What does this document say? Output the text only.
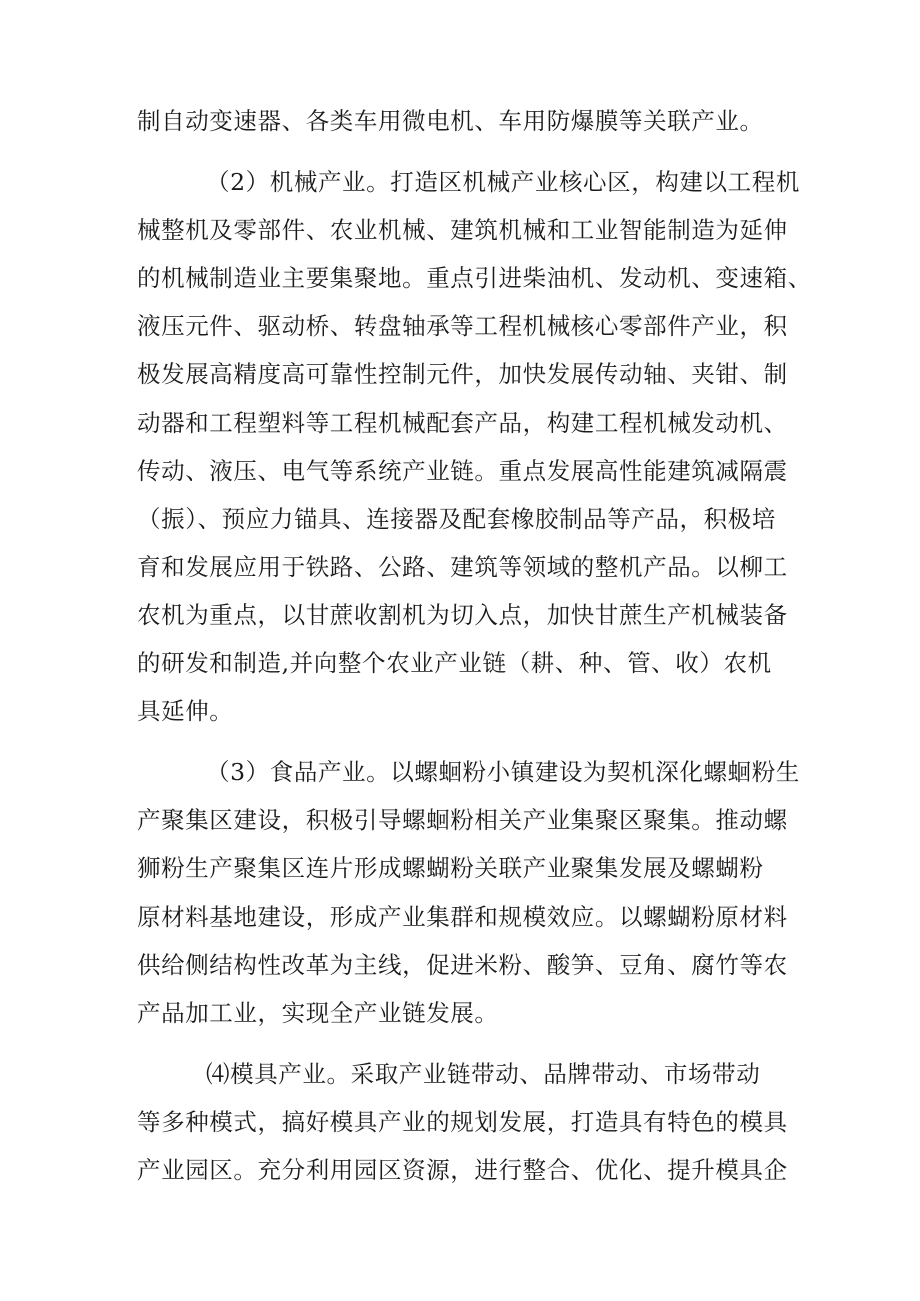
制自动变速器、各类车用微电机、车用防爆膜等关联产业。
（2）机械产业。打造区机械产业核心区，构建以工程机
械整机及零部件、农业机械、建筑机械和工业智能制造为延伸
的机械制造业主要集聚地。重点引进柴油机、发动机、变速箱、
液压元件、驱动桥、转盘轴承等工程机械核心零部件产业，积
极发展高精度高可靠性控制元件，加快发展传动轴、夹钳、制
动器和工程塑料等工程机械配套产品，构建工程机械发动机、
传动、液压、电气等系统产业链。重点发展高性能建筑减隔震
（振）、预应力锚具、连接器及配套橡胶制品等产品，积极培
育和发展应用于铁路、公路、建筑等领域的整机产品。以柳工
农机为重点，以甘蔗收割机为切入点，加快甘蔗生产机械装备
的研发和制造,并向整个农业产业链（耕、种、管、收）农机
具延伸。
（3）食品产业。以螺蛔粉小镇建设为契机深化螺蛔粉生
产聚集区建设，积极引导螺蛔粉相关产业集聚区聚集。推动螺
狮粉生产聚集区连片形成螺蝴粉关联产业聚集发展及螺蝴粉
原材料基地建设，形成产业集群和规模效应。以螺蝴粉原材料
供给侧结构性改革为主线，促进米粉、酸笋、豆角、腐竹等农
产品加工业，实现全产业链发展。
⑷模具产业。采取产业链带动、品牌带动、市场带动
等多种模式，搞好模具产业的规划发展，打造具有特色的模具
产业园区。充分利用园区资源，进行整合、优化、提升模具企
